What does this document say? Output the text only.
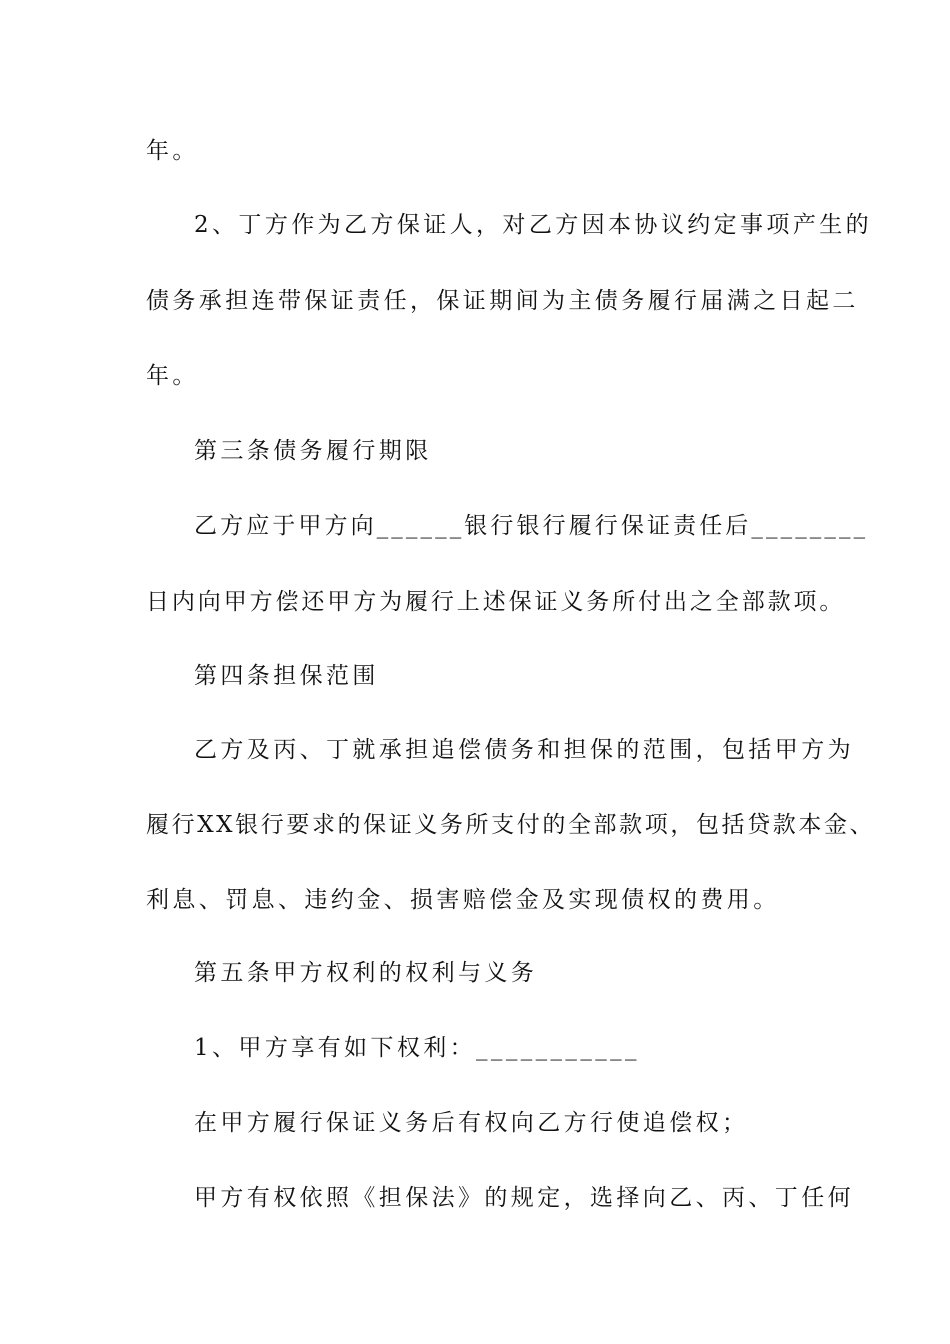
年。
2、丁方作为乙方保证人，对乙方因本协议约定事项产生的
债务承担连带保证责任，保证期间为主债务履行届满之日起二
年。
第三条债务履行期限
乙方应于甲方向______银行银行履行保证责任后________
日内向甲方偿还甲方为履行上述保证义务所付出之全部款项。
第四条担保范围
乙方及丙、丁就承担追偿债务和担保的范围，包括甲方为
履行XX银行要求的保证义务所支付的全部款项，包括贷款本金、
利息、罚息、违约金、损害赔偿金及实现债权的费用。
第五条甲方权利的权利与义务
1、甲方享有如下权利：___________
在甲方履行保证义务后有权向乙方行使追偿权；
甲方有权依照《担保法》的规定，选择向乙、丙、丁任何
